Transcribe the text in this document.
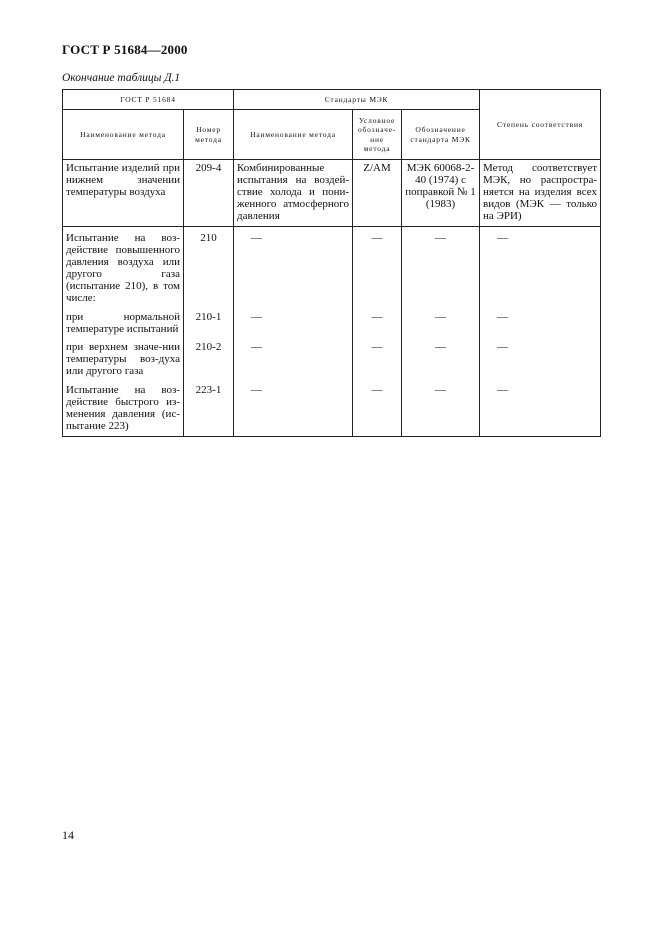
ГОСТ Р 51684—2000
Окончание таблицы Д.1
ГОСТ Р 51684		Стандарты МЭК			Степень соответствия
Наименование метода	Номер метода	Наименование метода	Условное обозначе-ние метода	Обозначение стандарта МЭК	
Испытание изделий при нижнем значении температуры воздуха	209-4	Комбинированные испытания на воздей-ствие холода и пони-женного атмосферного давления	Z/AM	МЭК 60068-2-40 (1974) с поправкой № 1 (1983)	Метод соответствует МЭК, но распростра-няется на изделия всех видов (МЭК — только на ЭРИ)
Испытание на воз-действие повышенного давления воздуха или другого газа (испытание 210), в том числе:	210	—	—	—	—
при нормальной температуре испытаний	210-1	—	—	—	—
при верхнем значе-нии температуры воз-духа или другого газа	210-2	—	—	—	—
Испытание на воз-действие быстрого из-менения давления (ис-пытание 223)	223-1	—	—	—	—
14
